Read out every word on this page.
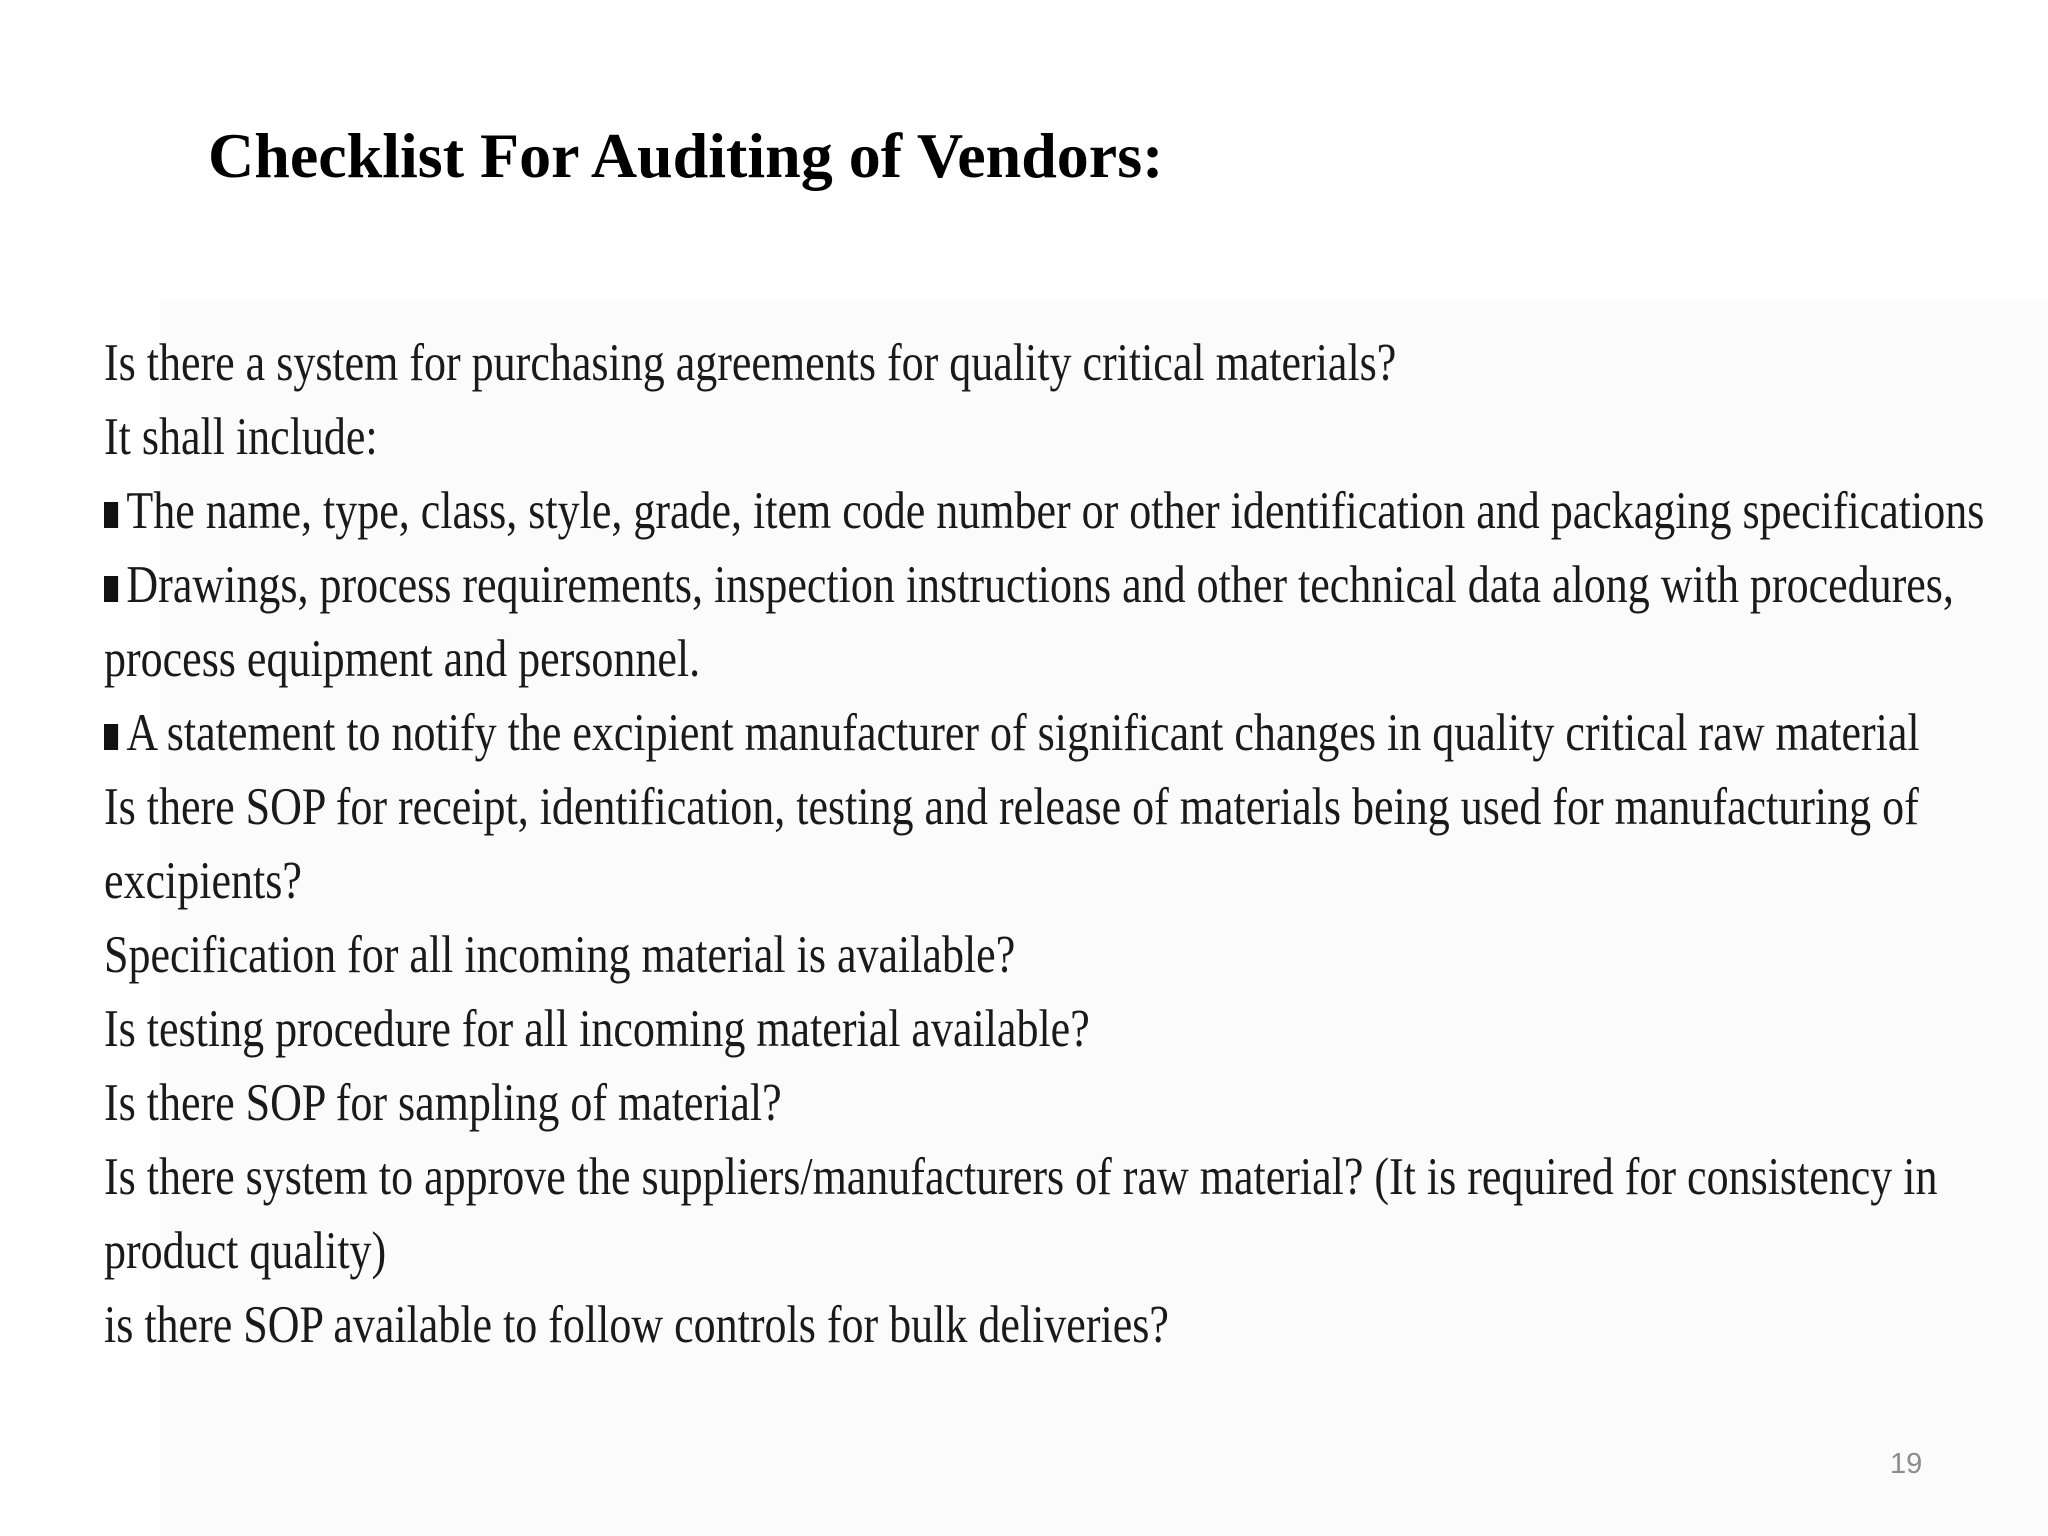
Checklist For Auditing of Vendors:
Is there a system for purchasing agreements for quality critical materials?
It shall include:
The name, type, class, style, grade, item code number or other identification and packaging specifications
Drawings, process requirements, inspection instructions and other technical data along with procedures,
process equipment and personnel.
A statement to notify the excipient manufacturer of significant changes in quality critical raw material
Is there SOP for receipt, identification, testing and release of materials being used for manufacturing of
excipients?
Specification for all incoming material is available?
Is testing procedure for all incoming material available?
Is there SOP for sampling of material?
Is there system to approve the suppliers/manufacturers of raw material? (It is required for consistency in
product quality)
is there SOP available to follow controls for bulk deliveries?
19
